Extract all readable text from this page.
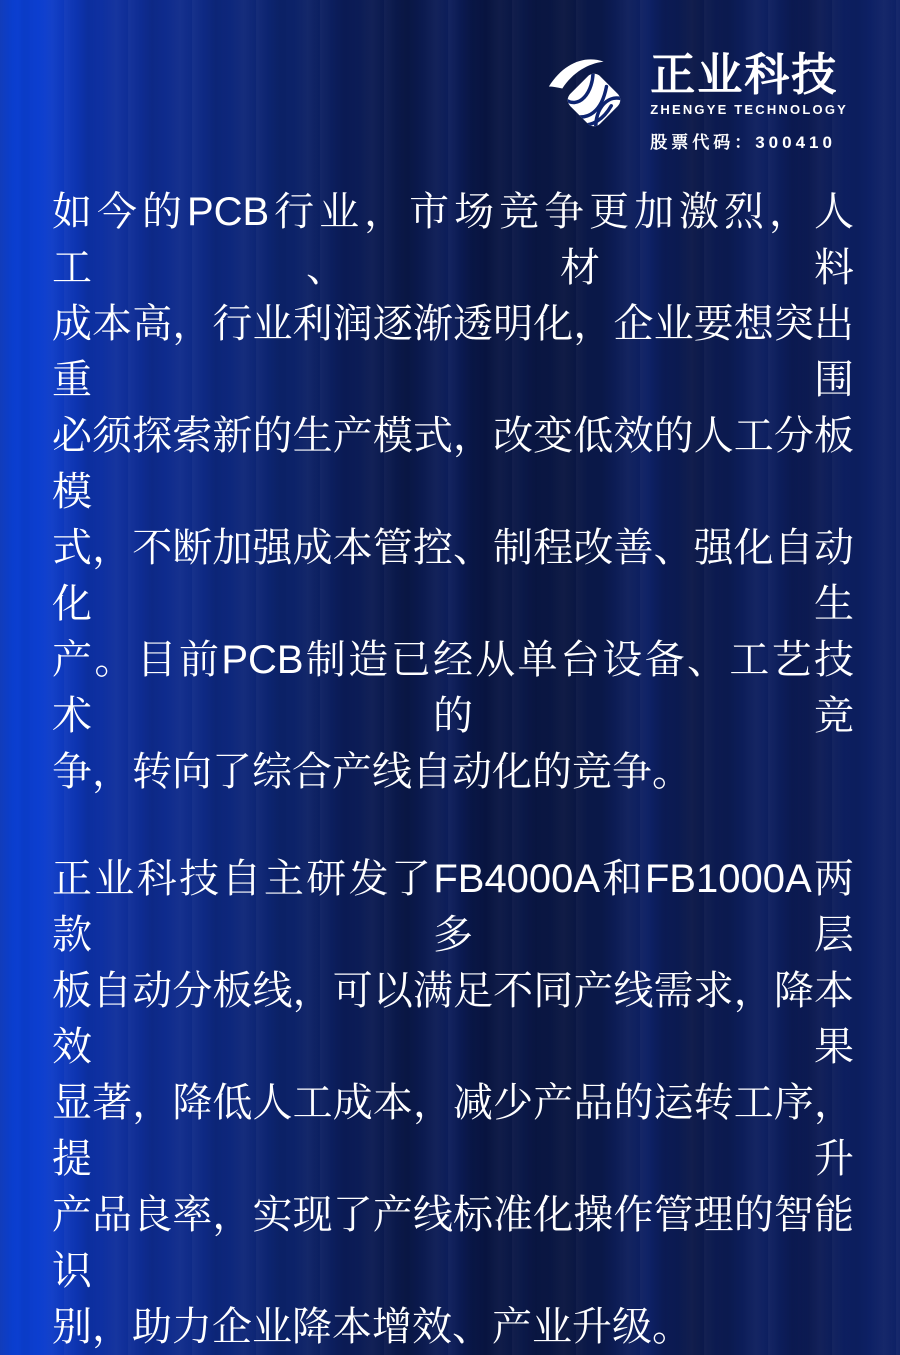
正业科技
ZHENGYE TECHNOLOGY
股票代码：300410
如今的PCB行业，市场竞争更加激烈，人工、材料
成本高，行业利润逐渐透明化，企业要想突出重围
必须探索新的生产模式，改变低效的人工分板模
式，不断加强成本管控、制程改善、强化自动化生
产。目前PCB制造已经从单台设备、工艺技术的竞
争，转向了综合产线自动化的竞争。
正业科技自主研发了FB4000A和FB1000A两款多层
板自动分板线，可以满足不同产线需求，降本效果
显著，降低人工成本，减少产品的运转工序，提升
产品良率，实现了产线标准化操作管理的智能识
别，助力企业降本增效、产业升级。
